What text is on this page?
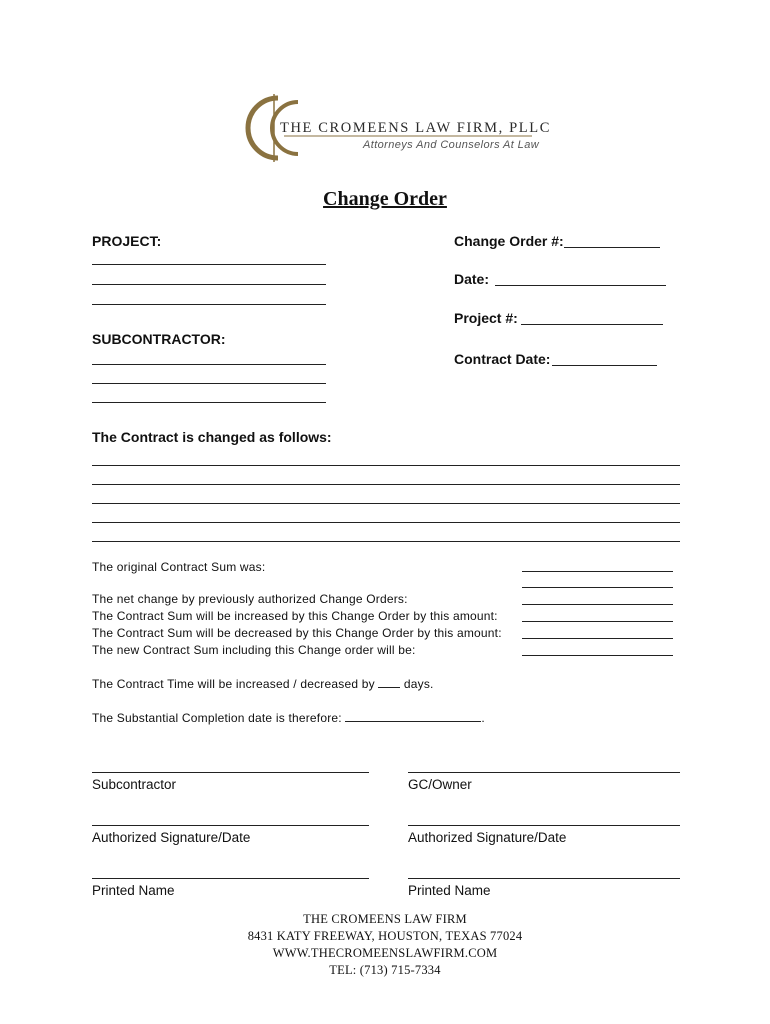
THE CROMEENS LAW FIRM, PLLC
Attorneys And Counselors At Law
Change Order
PROJECT:
SUBCONTRACTOR:
Change Order #:
Date:
Project #:
Contract Date:
The Contract is changed as follows:
The original Contract Sum was:
The net change by previously authorized Change Orders:
The Contract Sum will be increased by this Change Order by this amount:
The Contract Sum will be decreased by this Change Order by this amount:
The new Contract Sum including this Change order will be:
The Contract Time will be increased / decreased by days.
The Substantial Completion date is therefore:	.
Subcontractor	GC/Owner
Authorized Signature/Date	Authorized Signature/Date
Printed Name	Printed Name
THE CROMEENS LAW FIRM
8431 KATY FREEWAY, HOUSTON, TEXAS 77024
WWW.THECROMEENSLAWFIRM.COM
TEL: (713) 715-7334
